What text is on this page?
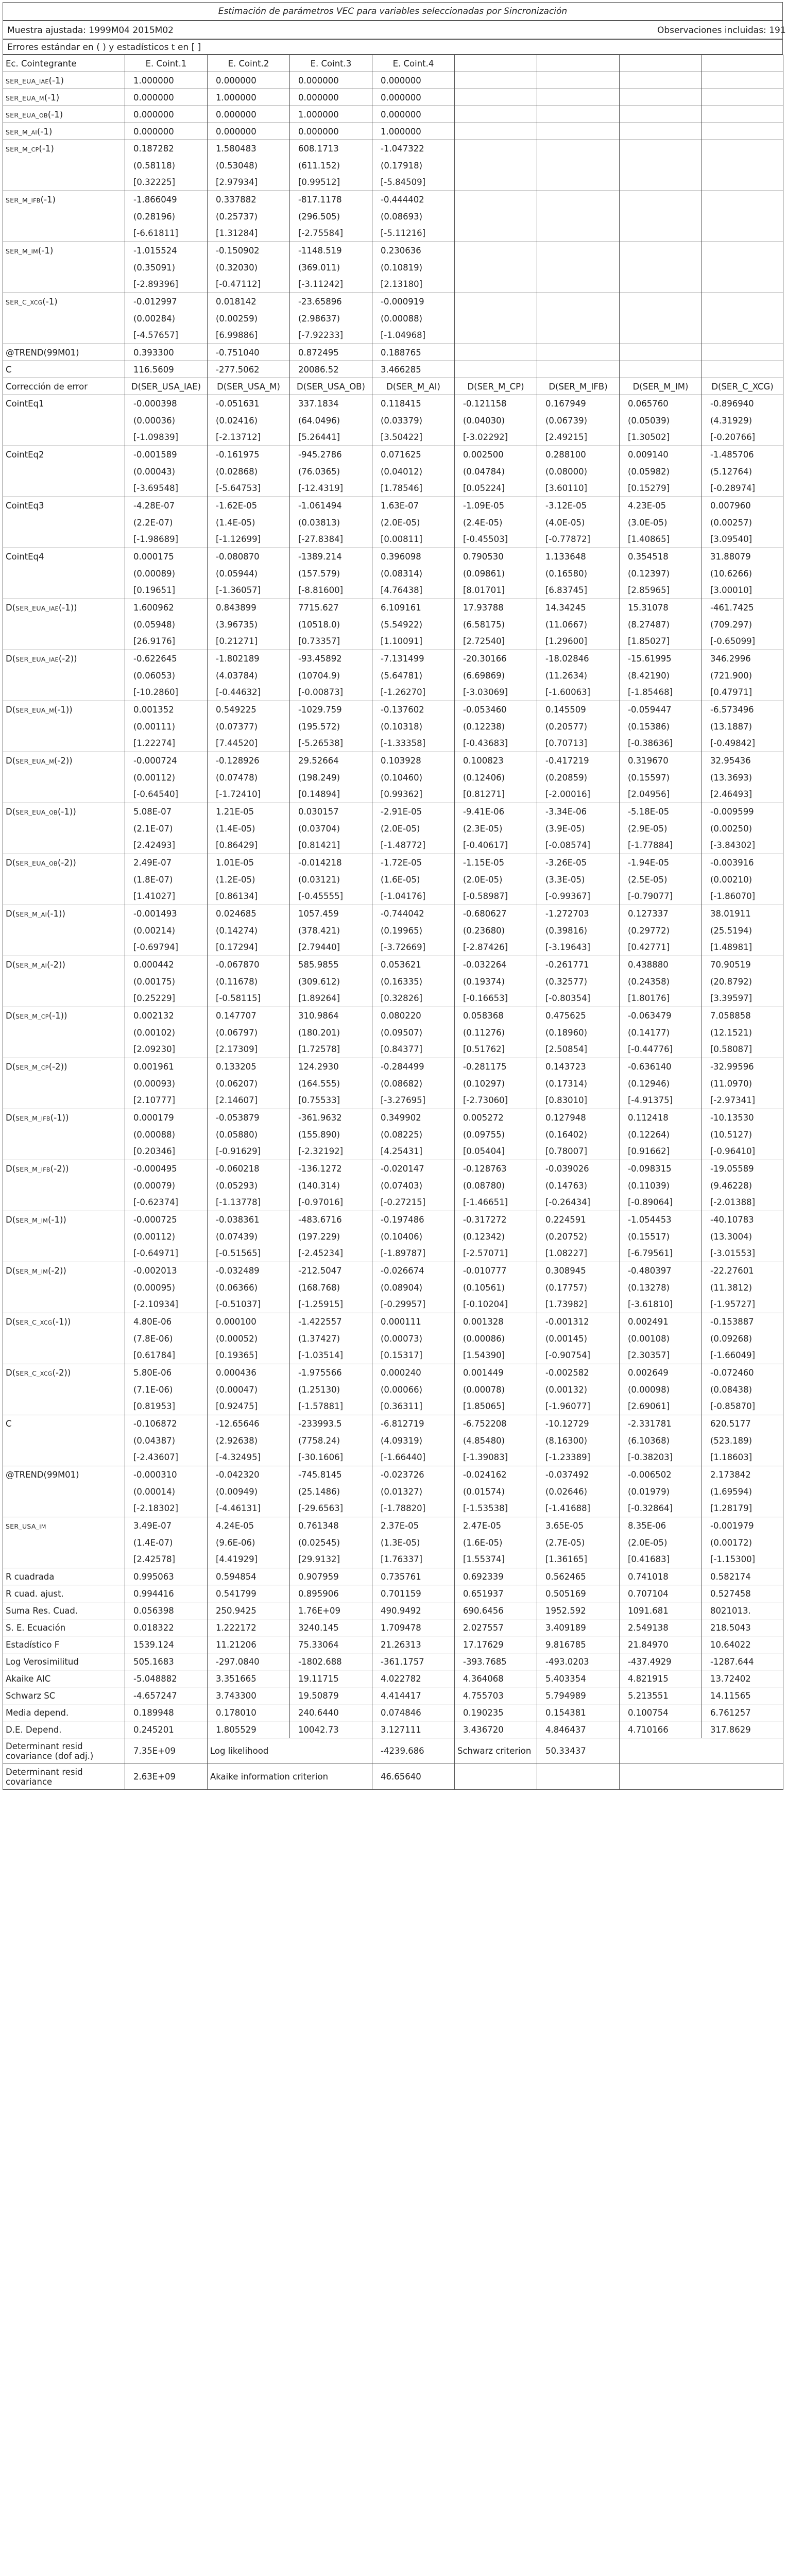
Estimación de parámetros VEC para variables seleccionadas por Sincronización
Muestra ajustada: 1999M04 2015M02	Observaciones incluidas: 191
Errores estándar en ( ) y estadísticos t en [ ]
Ec. Cointegrante	E. Coint.1	E. Coint.2	E. Coint.3	E. Coint.4				
SER_EUA_IAE(-1)	1.000000	0.000000	0.000000	0.000000				
SER_EUA_M(-1)	0.000000	1.000000	0.000000	0.000000				
SER_EUA_OB(-1)	0.000000	0.000000	1.000000	0.000000				
SER_M_AI(-1)	0.000000	0.000000	0.000000	1.000000				
SER_M_CP(-1)	0.187282	1.580483	608.1713	-1.047322				
	(0.58118)	(0.53048)	(611.152)	(0.17918)				
	[0.32225]	[2.97934]	[0.99512]	[-5.84509]				
SER_M_IFB(-1)	-1.866049	0.337882	-817.1178	-0.444402				
	(0.28196)	(0.25737)	(296.505)	(0.08693)				
	[-6.61811]	[1.31284]	[-2.75584]	[-5.11216]				
SER_M_IM(-1)	-1.015524	-0.150902	-1148.519	0.230636				
	(0.35091)	(0.32030)	(369.011)	(0.10819)				
	[-2.89396]	[-0.47112]	[-3.11242]	[2.13180]				
SER_C_XCG(-1)	-0.012997	0.018142	-23.65896	-0.000919				
	(0.00284)	(0.00259)	(2.98637)	(0.00088)				
	[-4.57657]	[6.99886]	[-7.92233]	[-1.04968]				
@TREND(99M01)	0.393300	-0.751040	0.872495	0.188765				
C	116.5609	-277.5062	20086.52	3.466285				
Corrección de error	D(SER_USA_IAE)	D(SER_USA_M)	D(SER_USA_OB)	D(SER_M_AI)	D(SER_M_CP)	D(SER_M_IFB)	D(SER_M_IM)	D(SER_C_XCG)
CointEq1	-0.000398	-0.051631	337.1834	0.118415	-0.121158	0.167949	0.065760	-0.896940
	(0.00036)	(0.02416)	(64.0496)	(0.03379)	(0.04030)	(0.06739)	(0.05039)	(4.31929)
	[-1.09839]	[-2.13712]	[5.26441]	[3.50422]	[-3.02292]	[2.49215]	[1.30502]	[-0.20766]
CointEq2	-0.001589	-0.161975	-945.2786	0.071625	0.002500	0.288100	0.009140	-1.485706
	(0.00043)	(0.02868)	(76.0365)	(0.04012)	(0.04784)	(0.08000)	(0.05982)	(5.12764)
	[-3.69548]	[-5.64753]	[-12.4319]	[1.78546]	[0.05224]	[3.60110]	[0.15279]	[-0.28974]
CointEq3	-4.28E-07	-1.62E-05	-1.061494	1.63E-07	-1.09E-05	-3.12E-05	4.23E-05	0.007960
	(2.2E-07)	(1.4E-05)	(0.03813)	(2.0E-05)	(2.4E-05)	(4.0E-05)	(3.0E-05)	(0.00257)
	[-1.98689]	[-1.12699]	[-27.8384]	[0.00811]	[-0.45503]	[-0.77872]	[1.40865]	[3.09540]
CointEq4	0.000175	-0.080870	-1389.214	0.396098	0.790530	1.133648	0.354518	31.88079
	(0.00089)	(0.05944)	(157.579)	(0.08314)	(0.09861)	(0.16580)	(0.12397)	(10.6266)
	[0.19651]	[-1.36057]	[-8.81600]	[4.76438]	[8.01701]	[6.83745]	[2.85965]	[3.00010]
D(SER_EUA_IAE(-1))	1.600962	0.843899	7715.627	6.109161	17.93788	14.34245	15.31078	-461.7425
	(0.05948)	(3.96735)	(10518.0)	(5.54922)	(6.58175)	(11.0667)	(8.27487)	(709.297)
	[26.9176]	[0.21271]	[0.73357]	[1.10091]	[2.72540]	[1.29600]	[1.85027]	[-0.65099]
D(SER_EUA_IAE(-2))	-0.622645	-1.802189	-93.45892	-7.131499	-20.30166	-18.02846	-15.61995	346.2996
	(0.06053)	(4.03784)	(10704.9)	(5.64781)	(6.69869)	(11.2634)	(8.42190)	(721.900)
	[-10.2860]	[-0.44632]	[-0.00873]	[-1.26270]	[-3.03069]	[-1.60063]	[-1.85468]	[0.47971]
D(SER_EUA_M(-1))	0.001352	0.549225	-1029.759	-0.137602	-0.053460	0.145509	-0.059447	-6.573496
	(0.00111)	(0.07377)	(195.572)	(0.10318)	(0.12238)	(0.20577)	(0.15386)	(13.1887)
	[1.22274]	[7.44520]	[-5.26538]	[-1.33358]	[-0.43683]	[0.70713]	[-0.38636]	[-0.49842]
D(SER_EUA_M(-2))	-0.000724	-0.128926	29.52664	0.103928	0.100823	-0.417219	0.319670	32.95436
	(0.00112)	(0.07478)	(198.249)	(0.10460)	(0.12406)	(0.20859)	(0.15597)	(13.3693)
	[-0.64540]	[-1.72410]	[0.14894]	[0.99362]	[0.81271]	[-2.00016]	[2.04956]	[2.46493]
D(SER_EUA_OB(-1))	5.08E-07	1.21E-05	0.030157	-2.91E-05	-9.41E-06	-3.34E-06	-5.18E-05	-0.009599
	(2.1E-07)	(1.4E-05)	(0.03704)	(2.0E-05)	(2.3E-05)	(3.9E-05)	(2.9E-05)	(0.00250)
	[2.42493]	[0.86429]	[0.81421]	[-1.48772]	[-0.40617]	[-0.08574]	[-1.77884]	[-3.84302]
D(SER_EUA_OB(-2))	2.49E-07	1.01E-05	-0.014218	-1.72E-05	-1.15E-05	-3.26E-05	-1.94E-05	-0.003916
	(1.8E-07)	(1.2E-05)	(0.03121)	(1.6E-05)	(2.0E-05)	(3.3E-05)	(2.5E-05)	(0.00210)
	[1.41027]	[0.86134]	[-0.45555]	[-1.04176]	[-0.58987]	[-0.99367]	[-0.79077]	[-1.86070]
D(SER_M_AI(-1))	-0.001493	0.024685	1057.459	-0.744042	-0.680627	-1.272703	0.127337	38.01911
	(0.00214)	(0.14274)	(378.421)	(0.19965)	(0.23680)	(0.39816)	(0.29772)	(25.5194)
	[-0.69794]	[0.17294]	[2.79440]	[-3.72669]	[-2.87426]	[-3.19643]	[0.42771]	[1.48981]
D(SER_M_AI(-2))	0.000442	-0.067870	585.9855	0.053621	-0.032264	-0.261771	0.438880	70.90519
	(0.00175)	(0.11678)	(309.612)	(0.16335)	(0.19374)	(0.32577)	(0.24358)	(20.8792)
	[0.25229]	[-0.58115]	[1.89264]	[0.32826]	[-0.16653]	[-0.80354]	[1.80176]	[3.39597]
D(SER_M_CP(-1))	0.002132	0.147707	310.9864	0.080220	0.058368	0.475625	-0.063479	7.058858
	(0.00102)	(0.06797)	(180.201)	(0.09507)	(0.11276)	(0.18960)	(0.14177)	(12.1521)
	[2.09230]	[2.17309]	[1.72578]	[0.84377]	[0.51762]	[2.50854]	[-0.44776]	[0.58087]
D(SER_M_CP(-2))	0.001961	0.133205	124.2930	-0.284499	-0.281175	0.143723	-0.636140	-32.99596
	(0.00093)	(0.06207)	(164.555)	(0.08682)	(0.10297)	(0.17314)	(0.12946)	(11.0970)
	[2.10777]	[2.14607]	[0.75533]	[-3.27695]	[-2.73060]	[0.83010]	[-4.91375]	[-2.97341]
D(SER_M_IFB(-1))	0.000179	-0.053879	-361.9632	0.349902	0.005272	0.127948	0.112418	-10.13530
	(0.00088)	(0.05880)	(155.890)	(0.08225)	(0.09755)	(0.16402)	(0.12264)	(10.5127)
	[0.20346]	[-0.91629]	[-2.32192]	[4.25431]	[0.05404]	[0.78007]	[0.91662]	[-0.96410]
D(SER_M_IFB(-2))	-0.000495	-0.060218	-136.1272	-0.020147	-0.128763	-0.039026	-0.098315	-19.05589
	(0.00079)	(0.05293)	(140.314)	(0.07403)	(0.08780)	(0.14763)	(0.11039)	(9.46228)
	[-0.62374]	[-1.13778]	[-0.97016]	[-0.27215]	[-1.46651]	[-0.26434]	[-0.89064]	[-2.01388]
D(SER_M_IM(-1))	-0.000725	-0.038361	-483.6716	-0.197486	-0.317272	0.224591	-1.054453	-40.10783
	(0.00112)	(0.07439)	(197.229)	(0.10406)	(0.12342)	(0.20752)	(0.15517)	(13.3004)
	[-0.64971]	[-0.51565]	[-2.45234]	[-1.89787]	[-2.57071]	[1.08227]	[-6.79561]	[-3.01553]
D(SER_M_IM(-2))	-0.002013	-0.032489	-212.5047	-0.026674	-0.010777	0.308945	-0.480397	-22.27601
	(0.00095)	(0.06366)	(168.768)	(0.08904)	(0.10561)	(0.17757)	(0.13278)	(11.3812)
	[-2.10934]	[-0.51037]	[-1.25915]	[-0.29957]	[-0.10204]	[1.73982]	[-3.61810]	[-1.95727]
D(SER_C_XCG(-1))	4.80E-06	0.000100	-1.422557	0.000111	0.001328	-0.001312	0.002491	-0.153887
	(7.8E-06)	(0.00052)	(1.37427)	(0.00073)	(0.00086)	(0.00145)	(0.00108)	(0.09268)
	[0.61784]	[0.19365]	[-1.03514]	[0.15317]	[1.54390]	[-0.90754]	[2.30357]	[-1.66049]
D(SER_C_XCG(-2))	5.80E-06	0.000436	-1.975566	0.000240	0.001449	-0.002582	0.002649	-0.072460
	(7.1E-06)	(0.00047)	(1.25130)	(0.00066)	(0.00078)	(0.00132)	(0.00098)	(0.08438)
	[0.81953]	[0.92475]	[-1.57881]	[0.36311]	[1.85065]	[-1.96077]	[2.69061]	[-0.85870]
C	-0.106872	-12.65646	-233993.5	-6.812719	-6.752208	-10.12729	-2.331781	620.5177
	(0.04387)	(2.92638)	(7758.24)	(4.09319)	(4.85480)	(8.16300)	(6.10368)	(523.189)
	[-2.43607]	[-4.32495]	[-30.1606]	[-1.66440]	[-1.39083]	[-1.23389]	[-0.38203]	[1.18603]
@TREND(99M01)	-0.000310	-0.042320	-745.8145	-0.023726	-0.024162	-0.037492	-0.006502	2.173842
	(0.00014)	(0.00949)	(25.1486)	(0.01327)	(0.01574)	(0.02646)	(0.01979)	(1.69594)
	[-2.18302]	[-4.46131]	[-29.6563]	[-1.78820]	[-1.53538]	[-1.41688]	[-0.32864]	[1.28179]
SER_USA_IM	3.49E-07	4.24E-05	0.761348	2.37E-05	2.47E-05	3.65E-05	8.35E-06	-0.001979
	(1.4E-07)	(9.6E-06)	(0.02545)	(1.3E-05)	(1.6E-05)	(2.7E-05)	(2.0E-05)	(0.00172)
	[2.42578]	[4.41929]	[29.9132]	[1.76337]	[1.55374]	[1.36165]	[0.41683]	[-1.15300]
R cuadrada	0.995063	0.594854	0.907959	0.735761	0.692339	0.562465	0.741018	0.582174
R cuad. ajust.	0.994416	0.541799	0.895906	0.701159	0.651937	0.505169	0.707104	0.527458
Suma Res. Cuad.	0.056398	250.9425	1.76E+09	490.9492	690.6456	1952.592	1091.681	8021013.
S. E. Ecuación	0.018322	1.222172	3240.145	1.709478	2.027557	3.409189	2.549138	218.5043
Estadístico F	1539.124	11.21206	75.33064	21.26313	17.17629	9.816785	21.84970	10.64022
Log Verosimilitud	505.1683	-297.0840	-1802.688	-361.1757	-393.7685	-493.0203	-437.4929	-1287.644
Akaike AIC	-5.048882	3.351665	19.11715	4.022782	4.364068	5.403354	4.821915	13.72402
Schwarz SC	-4.657247	3.743300	19.50879	4.414417	4.755703	5.794989	5.213551	14.11565
Media depend.	0.189948	0.178010	240.6440	0.074846	0.190235	0.154381	0.100754	6.761257
D.E. Depend.	0.245201	1.805529	10042.73	3.127111	3.436720	4.846437	4.710166	317.8629
Determinant resid covariance (dof adj.)	7.35E+09	Log likelihood		-4239.686	Schwarz criterion	50.33437		
Determinant resid covariance	2.63E+09	Akaike information criterion		46.65640				
